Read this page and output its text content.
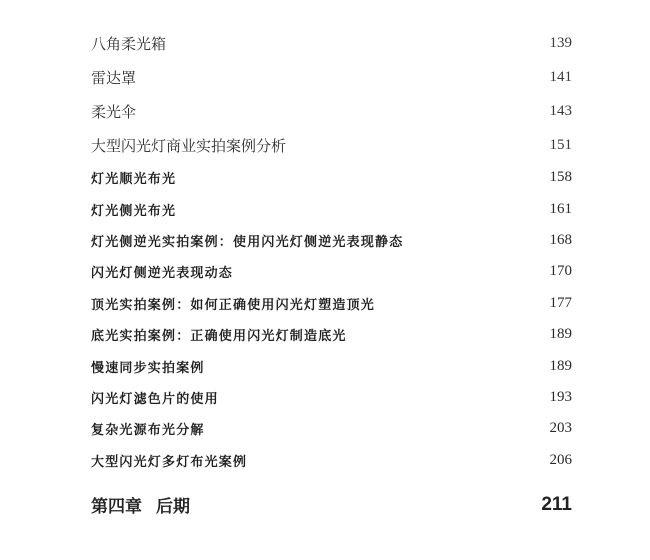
八角柔光箱	139
雷达罩	141
柔光伞	143
大型闪光灯商业实拍案例分析	151
灯光顺光布光	158
灯光侧光布光	161
灯光侧逆光实拍案例：使用闪光灯侧逆光表现静态	168
闪光灯侧逆光表现动态	170
顶光实拍案例：如何正确使用闪光灯塑造顶光	177
底光实拍案例：正确使用闪光灯制造底光	189
慢速同步实拍案例	189
闪光灯滤色片的使用	193
复杂光源布光分解	203
大型闪光灯多灯布光案例	206
第四章 后期	211
